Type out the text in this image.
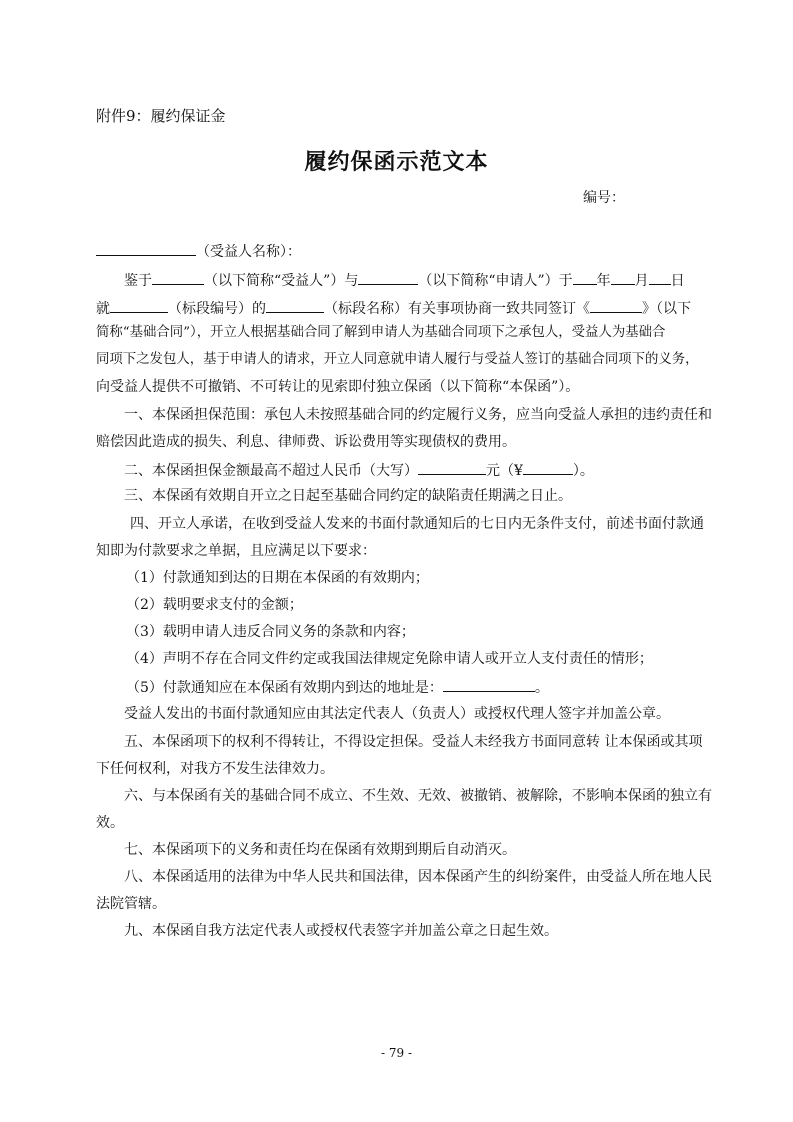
附件9：履约保证金
履约保函示范文本
编号：
（受益人名称）：
鉴于	（以下简称“受益人”）与	（以下简称“申请人”）于 年 月 日
就	（标段编号）的	（标段名称）有关事项协商一致共同签订《	》（以下
简称“基础合同”），开立人根据基础合同了解到申请人为基础合同项下之承包人，受益人为基础合
同项下之发包人，基于申请人的请求，开立人同意就申请人履行与受益人签订的基础合同项下的义务，
向受益人提供不可撤销、不可转让的见索即付独立保函（以下简称“本保函”）。
一、本保函担保范围：承包人未按照基础合同的约定履行义务，应当向受益人承担的违约责任和
赔偿因此造成的损失、利息、律师费、诉讼费用等实现债权的费用。
二、本保函担保金额最高不超过人民币（大写）	元（¥	）。
三、本保函有效期自开立之日起至基础合同约定的缺陷责任期满之日止。
四、开立人承诺，在收到受益人发来的书面付款通知后的七日内无条件支付，前述书面付款通
知即为付款要求之单据，且应满足以下要求：
（1）付款通知到达的日期在本保函的有效期内；
（2）载明要求支付的金额；
（3）载明申请人违反合同义务的条款和内容；
（4）声明不存在合同文件约定或我国法律规定免除申请人或开立人支付责任的情形；
（5）付款通知应在本保函有效期内到达的地址是：	。
受益人发出的书面付款通知应由其法定代表人（负责人）或授权代理人签字并加盖公章。
五、本保函项下的权利不得转让，不得设定担保。受益人未经我方书面同意转 让本保函或其项
下任何权利，对我方不发生法律效力。
六、与本保函有关的基础合同不成立、不生效、无效、被撤销、被解除，不影响本保函的独立有
效。
七、本保函项下的义务和责任均在保函有效期到期后自动消灭。
八、本保函适用的法律为中华人民共和国法律，因本保函产生的纠纷案件，由受益人所在地人民
法院管辖。
九、本保函自我方法定代表人或授权代表签字并加盖公章之日起生效。
- 79 -
